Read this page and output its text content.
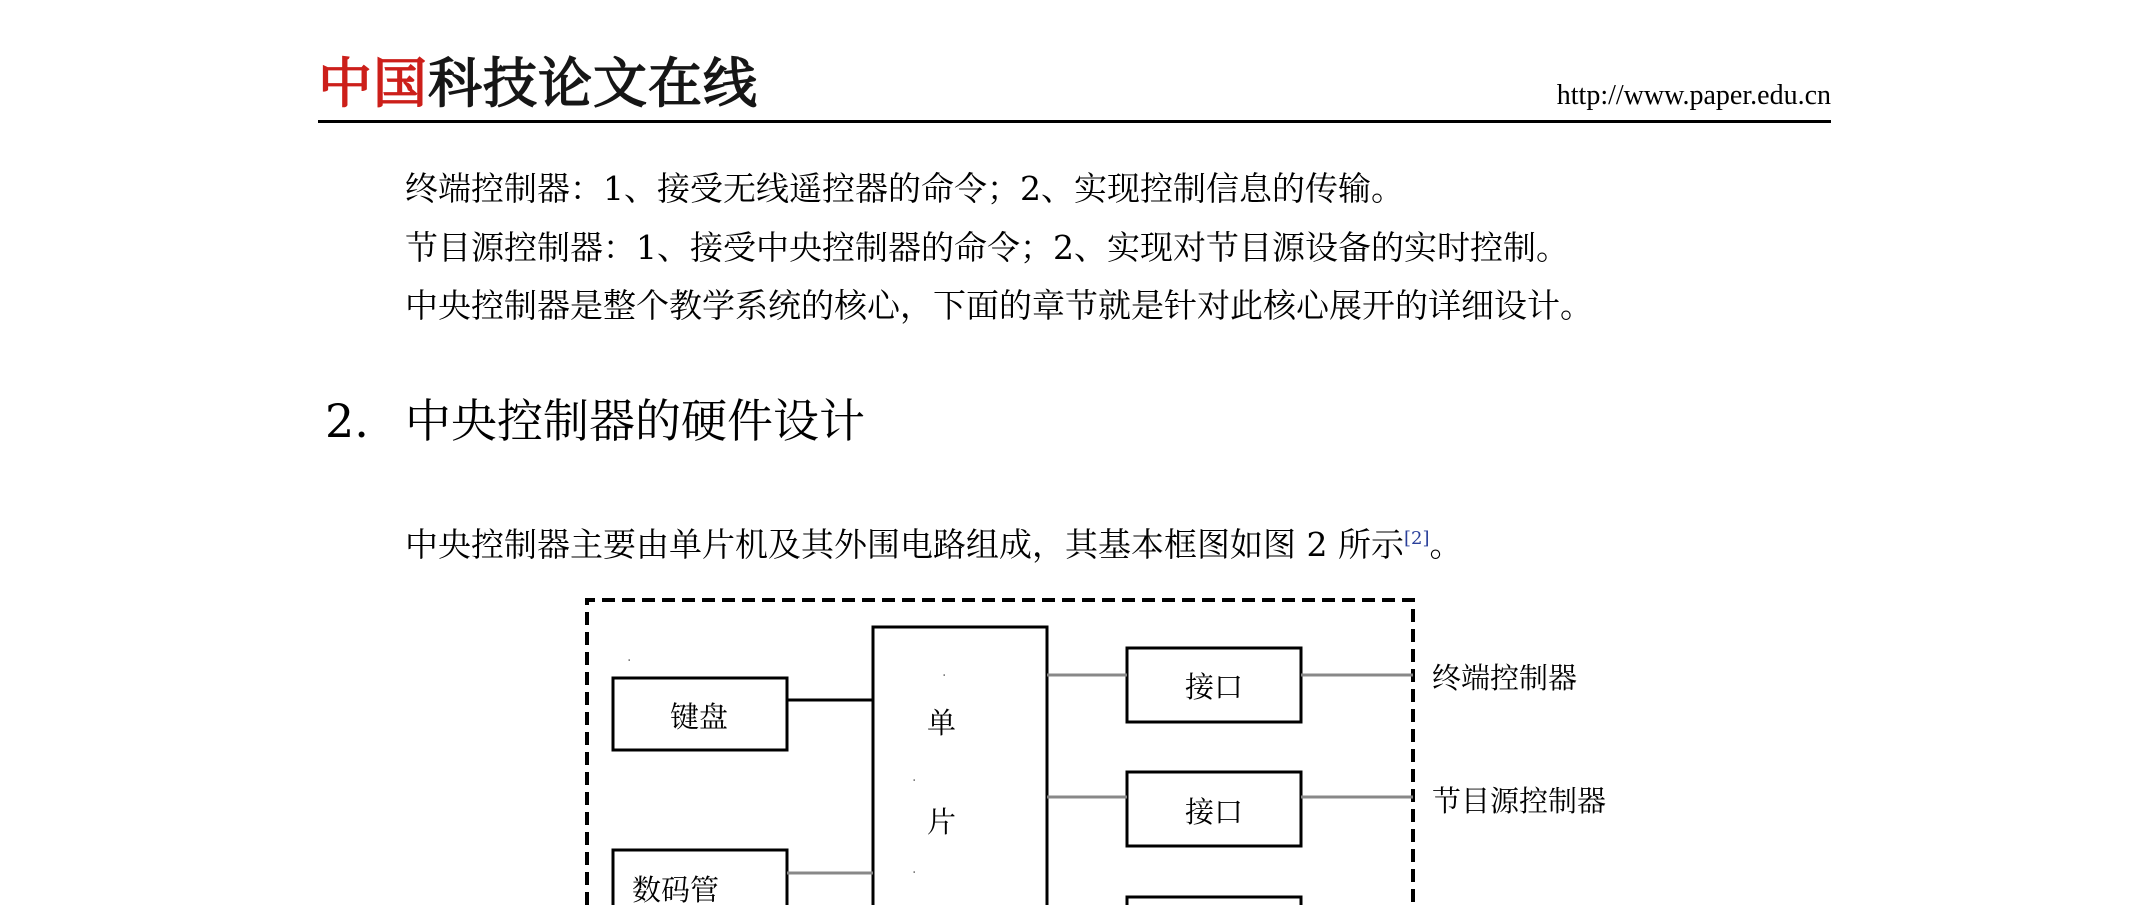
中国 科技论文在线	http://www.paper.edu.cn
终端控制器：1、接受无线遥控器的命令；2、实现控制信息的传输。
节目源控制器：1、接受中央控制器的命令；2、实现对节目源设备的实时控制。
中央控制器是整个教学系统的核心，下面的章节就是针对此核心展开的详细设计。
2. 中央控制器的硬件设计
中央控制器主要由单片机及其外围电路组成，其基本框图如图 2 所示[2]。
键盘
数码管
单
片
·
·
·
·
接口
接口
终端控制器
节目源控制器
